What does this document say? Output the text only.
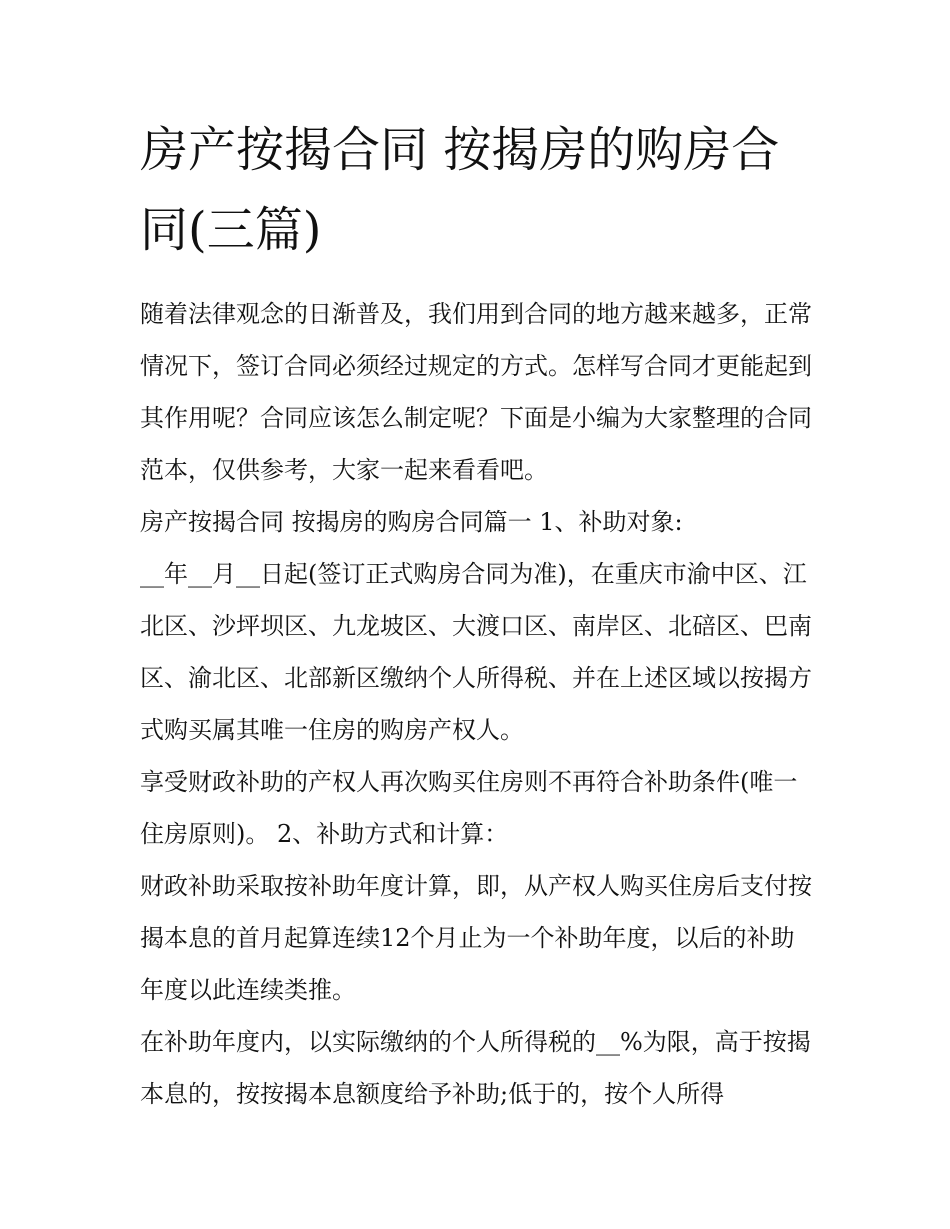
房产按揭合同 按揭房的购房合同(三篇)

随着法律观念的日渐普及，我们用到合同的地方越来越多，正常情况下，签订合同必须经过规定的方式。怎样写合同才更能起到其作用呢？合同应该怎么制定呢？下面是小编为大家整理的合同范本，仅供参考，大家一起来看看吧。

房产按揭合同 按揭房的购房合同篇一 1、补助对象:

__年__月__日起(签订正式购房合同为准)，在重庆市渝中区、江北区、沙坪坝区、九龙坡区、大渡口区、南岸区、北碚区、巴南区、渝北区、北部新区缴纳个人所得税、并在上述区域以按揭方式购买属其唯一住房的购房产权人。

享受财政补助的产权人再次购买住房则不再符合补助条件(唯一住房原则)。 2、补助方式和计算：

财政补助采取按补助年度计算，即，从产权人购买住房后支付按揭本息的首月起算连续12个月止为一个补助年度，以后的补助年度以此连续类推。

在补助年度内，以实际缴纳的个人所得税的__%为限，高于按揭本息的，按按揭本息额度给予补助;低于的，按个人所得
